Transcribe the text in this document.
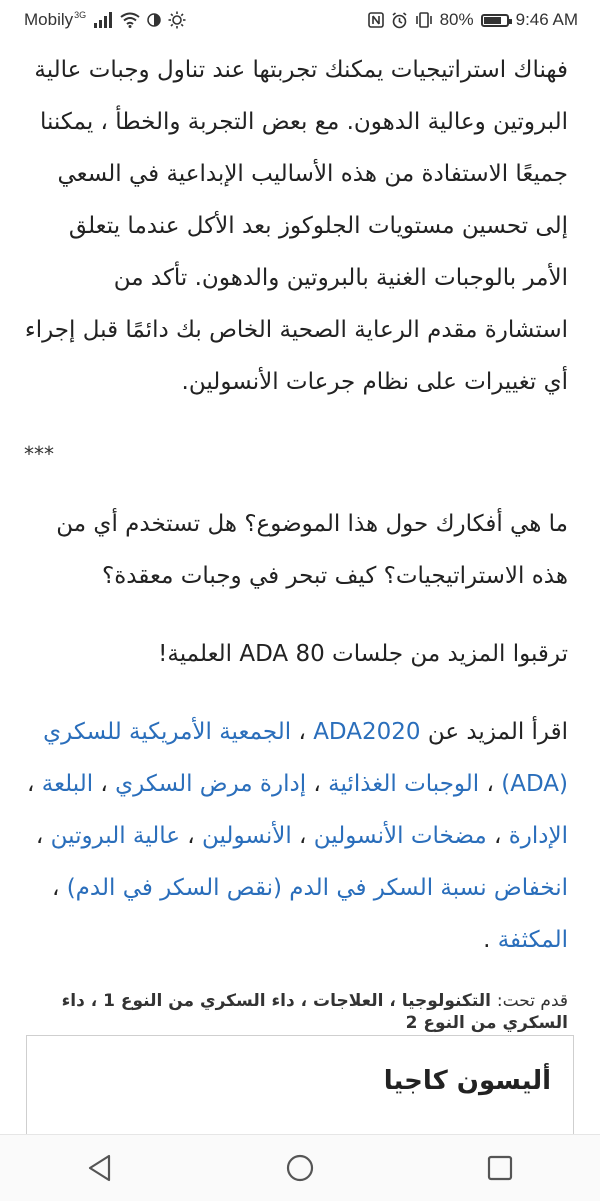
Mobily$^{3G}$	80% 9:46 AM

فهناك استراتيجيات يمكنك تجربتها عند تناول وجبات عالية البروتين وعالية الدهون. مع بعض التجربة والخطأ ، يمكننا جميعًا الاستفادة من هذه الأساليب الإبداعية في السعي إلى تحسين مستويات الجلوكوز بعد الأكل عندما يتعلق الأمر بالوجبات الغنية بالبروتين والدهون. تأكد من استشارة مقدم الرعاية الصحية الخاص بك دائمًا قبل إجراء أي تغييرات على نظام جرعات الأنسولين.

***

ما هي أفكارك حول هذا الموضوع؟ هل تستخدم أي من هذه الاستراتيجيات؟ كيف تبحر في وجبات معقدة؟

ترقبوا المزيد من جلسات ADA 80 العلمية!

اقرأ المزيد عن ADA2020 ، الجمعية الأمريكية للسكري (ADA) ، الوجبات الغذائية ، إدارة مرض السكري ، البلعة ، الإدارة ، مضخات الأنسولين ، الأنسولين ، عالية البروتين ، انخفاض نسبة السكر في الدم (نقص السكر في الدم) ، المكثفة .

قدم تحت: التكنولوجيا ، العلاجات ، داء السكري من النوع 1 ، داء السكري من النوع 2

أليسون كاجيا
